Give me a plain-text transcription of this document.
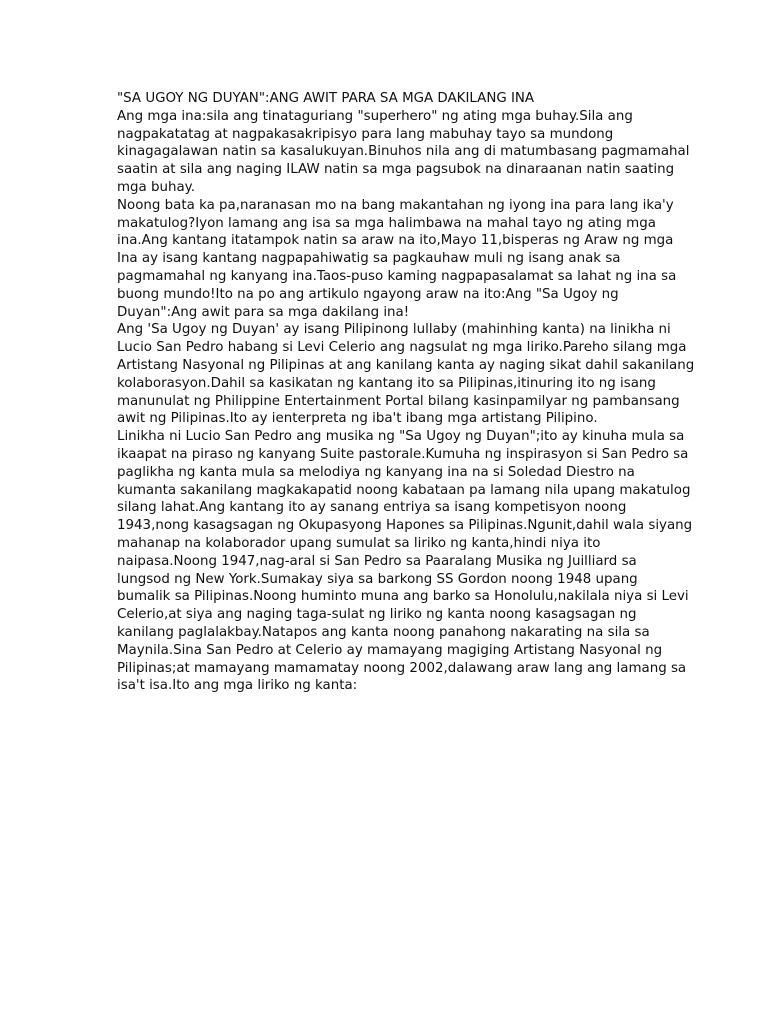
"SA UGOY NG DUYAN":ANG AWIT PARA SA MGA DAKILANG INA
Ang mga ina:sila ang tinataguriang "superhero" ng ating mga buhay.Sila ang
nagpakatatag at nagpakasakripisyo para lang mabuhay tayo sa mundong
kinagagalawan natin sa kasalukuyan.Binuhos nila ang di matumbasang pagmamahal
saatin at sila ang naging ILAW natin sa mga pagsubok na dinaraanan natin saating
mga buhay.
Noong bata ka pa,naranasan mo na bang makantahan ng iyong ina para lang ika'y
makatulog?Iyon lamang ang isa sa mga halimbawa na mahal tayo ng ating mga
ina.Ang kantang itatampok natin sa araw na ito,Mayo 11,bisperas ng Araw ng mga
Ina ay isang kantang nagpapahiwatig sa pagkauhaw muli ng isang anak sa
pagmamahal ng kanyang ina.Taos-puso kaming nagpapasalamat sa lahat ng ina sa
buong mundo!Ito na po ang artikulo ngayong araw na ito:Ang "Sa Ugoy ng
Duyan":Ang awit para sa mga dakilang ina!
Ang 'Sa Ugoy ng Duyan' ay isang Pilipinong lullaby (mahinhing kanta) na linikha ni
Lucio San Pedro habang si Levi Celerio ang nagsulat ng mga liriko.Pareho silang mga
Artistang Nasyonal ng Pilipinas at ang kanilang kanta ay naging sikat dahil sakanilang
kolaborasyon.Dahil sa kasikatan ng kantang ito sa Pilipinas,itinuring ito ng isang
manunulat ng Philippine Entertainment Portal bilang kasinpamilyar ng pambansang
awit ng Pilipinas.Ito ay ienterpreta ng iba't ibang mga artistang Pilipino.
Linikha ni Lucio San Pedro ang musika ng "Sa Ugoy ng Duyan";ito ay kinuha mula sa
ikaapat na piraso ng kanyang Suite pastorale.Kumuha ng inspirasyon si San Pedro sa
paglikha ng kanta mula sa melodiya ng kanyang ina na si Soledad Diestro na
kumanta sakanilang magkakapatid noong kabataan pa lamang nila upang makatulog
silang lahat.Ang kantang ito ay sanang entriya sa isang kompetisyon noong
1943,nong kasagsagan ng Okupasyong Hapones sa Pilipinas.Ngunit,dahil wala siyang
mahanap na kolaborador upang sumulat sa liriko ng kanta,hindi niya ito
naipasa.Noong 1947,nag-aral si San Pedro sa Paaralang Musika ng Juilliard sa
lungsod ng New York.Sumakay siya sa barkong SS Gordon noong 1948 upang
bumalik sa Pilipinas.Noong huminto muna ang barko sa Honolulu,nakilala niya si Levi
Celerio,at siya ang naging taga-sulat ng liriko ng kanta noong kasagsagan ng
kanilang paglalakbay.Natapos ang kanta noong panahong nakarating na sila sa
Maynila.Sina San Pedro at Celerio ay mamayang magiging Artistang Nasyonal ng
Pilipinas;at mamayang mamamatay noong 2002,dalawang araw lang ang lamang sa
isa't isa.Ito ang mga liriko ng kanta:
